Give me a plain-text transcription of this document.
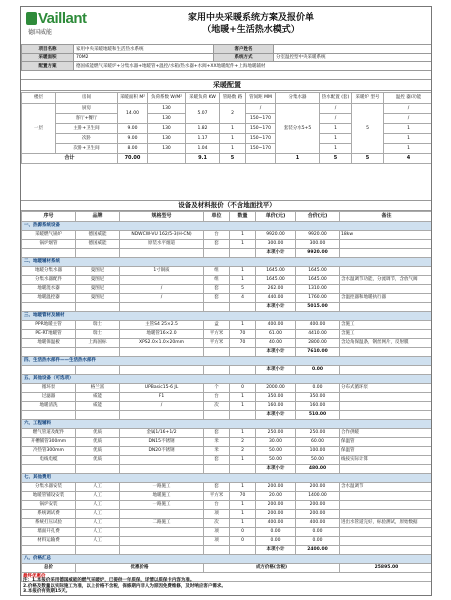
Vaillant
德国威能
家用中央采暖系统方案及报价单
（地暖+生活热水模式）
项目名称	家用中央采暖地暖和生活热水系统	客户姓名	
采暖面积	70M2	系统方式	分室温控型中央采暖系统
配置方案	德国威能燃气采暖炉+分集水器+地暖管+温控/水箱/热水器+水阀+XX地暖配件+上海地暖辅材		
采暖配置
楼层	房间	采暖面积 M²	负荷系数 W/M²	采暖负荷 KW	管路数 路	管间距 MM	分集水器	热水配置 (套)	采暖炉 型号	温控 器/功能
一层	厨房	14.00	130	5.07	2	/	套装分水5+5	/	5	/
	客厅+餐厅		130			150~170		/		/
	主卧+卫生间	9.00	130	1.82	1	150~170		1		1
	次卧	9.00	130	1.17	1	150~170		1		1
	次卧+卫生间	8.00	130	1.04	1	150~170		1		1
合计		70.00		9.1	5		1	5	5	4
设备及材料报价（不含地面找平）
序号	品牌	规格型号	单位	数量	单价(元)	合价(元)	备注
一、热源系统设备							
采暖燃气锅炉	德国威能	NDWCW-VU 162/5-3(H-CN)	台	1	9920.00	9920.00	18kw
锅炉烟管	德国威能	原装水平烟道	套	1	300.00	300.00	
					本项小计	9920.00	
二、地暖辅材系统							
地暖分集水器	曼图尼	1寸铜质	组	1	1645.00	1645.00	
分集水器配件	曼图尼		组	1	1645.00	1645.00	含水温调节功能，分流调节，含放气阀
地暖混水器	曼图尼	/	套	5	262.00	1310.00	
地暖温控器	曼图尼	/	套	4	440.00	1760.00	含温控器和地暖执行器
					本项小计	5015.00	
三、地暖管材及辅材							
PPR地暖主管	瑞士	主管S4 25×2.5	盒	1	400.00	400.00	含施工
PE-RT地暖管	瑞士	地暖管16×2.0	平方米	70	61.00	4410.00	含施工
地暖保温板	上海国标	XPS2.0×1.0×20mm	平方米	70	40.00	2800.00	含边角保温条，钢丝网片，反射膜
					本项小计	7610.00	
四、生活热水部件——生活热水部件							
					本项小计	0.00	
五、其他设备（可选项）							
循环泵	格兰富	UPBasic15-6 JL	个	0	2000.00	0.00	分布式循环泵
过滤器	威能	F1	台	1	350.00	350.00	
地暖清洗	威能	/	次	1	160.00	160.00	
					本项小计	510.00	
六、工程辅料							
燃气管道及配件	优质	金属1/16+1/2	套	1	250.00	250.00	合作供暖
开槽铺管300mm	优质	DN15不锈钢	米	2	30.00	60.00	保温管
冷热管300mm	优质	DN20不锈钢	米	2	50.00	100.00	保温管
电线电缆	优质		套	1	50.00	50.00	线按实际计算
					本项小计	480.00	
七、其他费用							
分集水器安装	人工	一路施工	套	1	200.00	200.00	含水温调节
地暖管铺设安装	人工	地暖施工	平方米	70	20.00	1400.00	
锅炉安装	人工	一路施工	台	1	200.00	200.00	
系统调试费	人工		项	1	200.00	200.00	
系统打压试验	人工	二路施工	次	1	400.00	400.00	进出水管道完好，标验测试，原始数据
墙面开孔费	人工		项	0	0.00	0.00	
材料运输费	人工		项	0	0.00	0.00	
					本项小计	2400.00	
八、价格汇总							
总价	优惠价格		成方价格(含税)				25895.00
最终优惠价							
注：1.本报价采用德国威能的燃气采暖炉，已提供一年质保，详情以质保卡内容为准。
2.价格及数量以实际施工为准，以上价格不含税，保修期内非人为原因免费维修，及时响应客户需求。
3.本报价有效期15天。
